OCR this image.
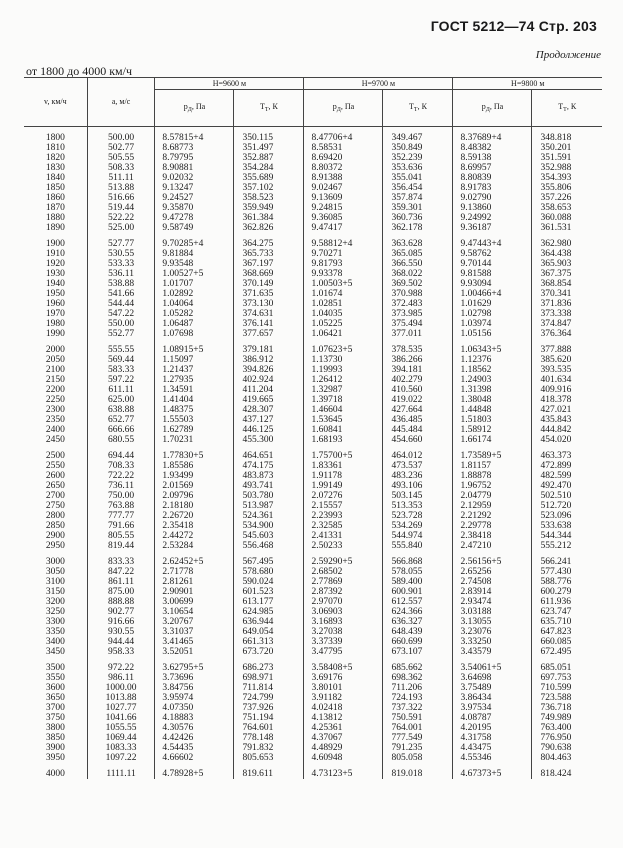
ГОСТ 5212—74 Стр. 203
Продолжение
от 1800 до 4000 км/ч
v, км/ч	a, м/с	H=9600 м		H=9700 м		H=9800 м	
		$p_Д$, Па	$T_Т$, К	$p_Д$, Па	$T_Т$, К	$p_Д$, Па	$T_Т$, К

1800	500.00	8.57815+4	350.115	8.47706+4	349.467	8.37689+4	348.818
1810	502.77	8.68773	351.497	8.58531	350.849	8.48382	350.201
1820	505.55	8.79795	352.887	8.69420	352.239	8.59138	351.591
1830	508.33	8.90881	354.284	8.80372	353.636	8.69957	352.988
1840	511.11	9.02032	355.689	8.91388	355.041	8.80839	354.393
1850	513.88	9.13247	357.102	9.02467	356.454	8.91783	355.806
1860	516.66	9.24527	358.523	9.13609	357.874	9.02790	357.226
1870	519.44	9.35870	359.949	9.24815	359.301	9.13860	358.653
1880	522.22	9.47278	361.384	9.36085	360.736	9.24992	360.088
1890	525.00	9.58749	362.826	9.47417	362.178	9.36187	361.531

1900	527.77	9.70285+4	364.275	9.58812+4	363.628	9.47443+4	362.980
1910	530.55	9.81884	365.733	9.70271	365.085	9.58762	364.438
1920	533.33	9.93548	367.197	9.81793	366.550	9.70144	365.903
1930	536.11	1.00527+5	368.669	9.93378	368.022	9.81588	367.375
1940	538.88	1.01707	370.149	1.00503+5	369.502	9.93094	368.854
1950	541.66	1.02892	371.635	1.01674	370.988	1.00466+4	370.341
1960	544.44	1.04064	373.130	1.02851	372.483	1.01629	371.836
1970	547.22	1.05282	374.631	1.04035	373.985	1.02798	373.338
1980	550.00	1.06487	376.141	1.05225	375.494	1.03974	374.847
1990	552.77	1.07698	377.657	1.06421	377.011	1.05156	376.364

2000	555.55	1.08915+5	379.181	1.07623+5	378.535	1.06343+5	377.888
2050	569.44	1.15097	386.912	1.13730	386.266	1.12376	385.620
2100	583.33	1.21437	394.826	1.19993	394.181	1.18562	393.535
2150	597.22	1.27935	402.924	1.26412	402.279	1.24903	401.634
2200	611.11	1.34591	411.204	1.32987	410.560	1.31398	409.916
2250	625.00	1.41404	419.665	1.39718	419.022	1.38048	418.378
2300	638.88	1.48375	428.307	1.46604	427.664	1.44848	427.021
2350	652.77	1.55503	437.127	1.53645	436.485	1.51803	435.843
2400	666.66	1.62789	446.125	1.60841	445.484	1.58912	444.842
2450	680.55	1.70231	455.300	1.68193	454.660	1.66174	454.020

2500	694.44	1.77830+5	464.651	1.75700+5	464.012	1.73589+5	463.373
2550	708.33	1.85586	474.175	1.83361	473.537	1.81157	472.899
2600	722.22	1.93499	483.873	1.91178	483.236	1.88878	482.599
2650	736.11	2.01569	493.741	1.99149	493.106	1.96752	492.470
2700	750.00	2.09796	503.780	2.07276	503.145	2.04779	502.510
2750	763.88	2.18180	513.987	2.15557	513.353	2.12959	512.720
2800	777.77	2.26720	524.361	2.23993	523.728	2.21292	523.096
2850	791.66	2.35418	534.900	2.32585	534.269	2.29778	533.638
2900	805.55	2.44272	545.603	2.41331	544.974	2.38418	544.344
2950	819.44	2.53284	556.468	2.50233	555.840	2.47210	555.212

3000	833.33	2.62452+5	567.495	2.59290+5	566.868	2.56156+5	566.241
3050	847.22	2.71778	578.680	2.68502	578.055	2.65256	577.430
3100	861.11	2.81261	590.024	2.77869	589.400	2.74508	588.776
3150	875.00	2.90901	601.523	2.87392	600.901	2.83914	600.279
3200	888.88	3.00699	613.177	2.97070	612.557	2.93474	611.936
3250	902.77	3.10654	624.985	3.06903	624.366	3.03188	623.747
3300	916.66	3.20767	636.944	3.16893	636.327	3.13055	635.710
3350	930.55	3.31037	649.054	3.27038	648.439	3.23076	647.823
3400	944.44	3.41465	661.313	3.37339	660.699	3.33250	660.085
3450	958.33	3.52051	673.720	3.47795	673.107	3.43579	672.495

3500	972.22	3.62795+5	686.273	3.58408+5	685.662	3.54061+5	685.051
3550	986.11	3.73696	698.971	3.69176	698.362	3.64698	697.753
3600	1000.00	3.84756	711.814	3.80101	711.206	3.75489	710.599
3650	1013.88	3.95974	724.799	3.91182	724.193	3.86434	723.588
3700	1027.77	4.07350	737.926	4.02418	737.322	3.97534	736.718
3750	1041.66	4.18883	751.194	4.13812	750.591	4.08787	749.989
3800	1055.55	4.30576	764.601	4.25361	764.001	4.20195	763.400
3850	1069.44	4.42426	778.148	4.37067	777.549	4.31758	776.950
3900	1083.33	4.54435	791.832	4.48929	791.235	4.43475	790.638
3950	1097.22	4.66602	805.653	4.60948	805.058	4.55346	804.463
4000	1111.11	4.78928+5	819.611	4.73123+5	819.018	4.67373+5	818.424
